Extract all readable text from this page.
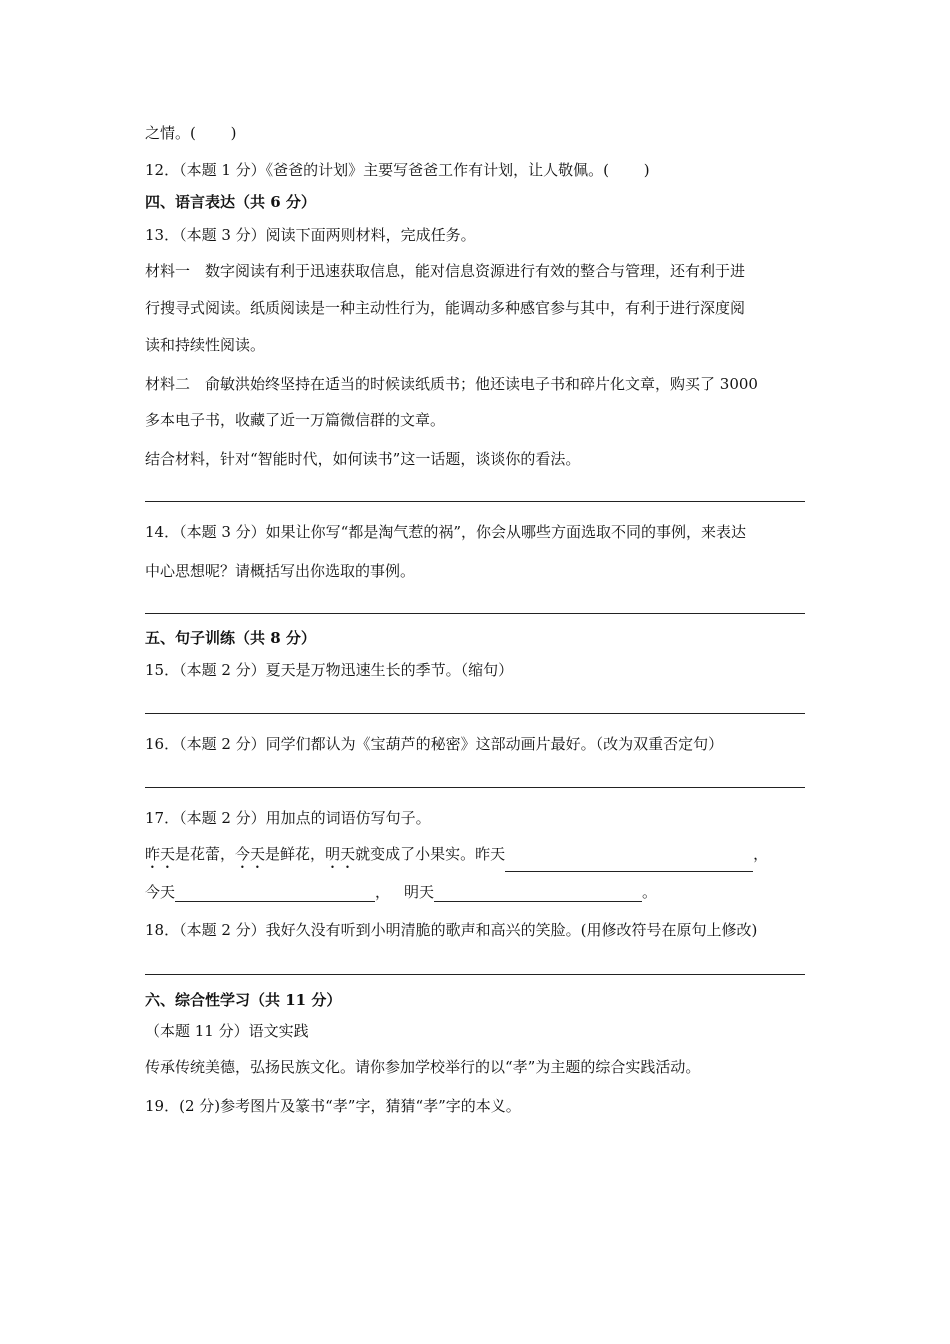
之情。(　　 )
12．（本题 1 分）《爸爸的计划》主要写爸爸工作有计划，让人敬佩。(　　 )
四、语言表达（共 6 分）
13．（本题 3 分）阅读下面两则材料，完成任务。
材料一　数字阅读有利于迅速获取信息，能对信息资源进行有效的整合与管理，还有利于进
行搜寻式阅读。纸质阅读是一种主动性行为，能调动多种感官参与其中，有利于进行深度阅
读和持续性阅读。
材料二　俞敏洪始终坚持在适当的时候读纸质书；他还读电子书和碎片化文章，购买了 3000
多本电子书，收藏了近一万篇微信群的文章。
结合材料，针对“智能时代，如何读书”这一话题，谈谈你的看法。
14．（本题 3 分）如果让你写“都是淘气惹的祸”，你会从哪些方面选取不同的事例，来表达
中心思想呢？请概括写出你选取的事例。
五、句子训练（共 8 分）
15．（本题 2 分）夏天是万物迅速生长的季节。（缩句）
16．（本题 2 分）同学们都认为《宝葫芦的秘密》这部动画片最好。（改为双重否定句）
17．（本题 2 分）用加点的词语仿写句子。
昨天是花蕾，今天是鲜花，明天就变成了小果实。昨天	，
今天	， 明天	。
18．（本题 2 分）我好久没有听到小明清脆的歌声和高兴的笑脸。(用修改符号在原句上修改)
六、综合性学习（共 11 分）
（本题 11 分）语文实践
传承传统美德，弘扬民族文化。请你参加学校举行的以“孝”为主题的综合实践活动。
19．(2 分)参考图片及篆书“孝”字，猜猜“孝”字的本义。
